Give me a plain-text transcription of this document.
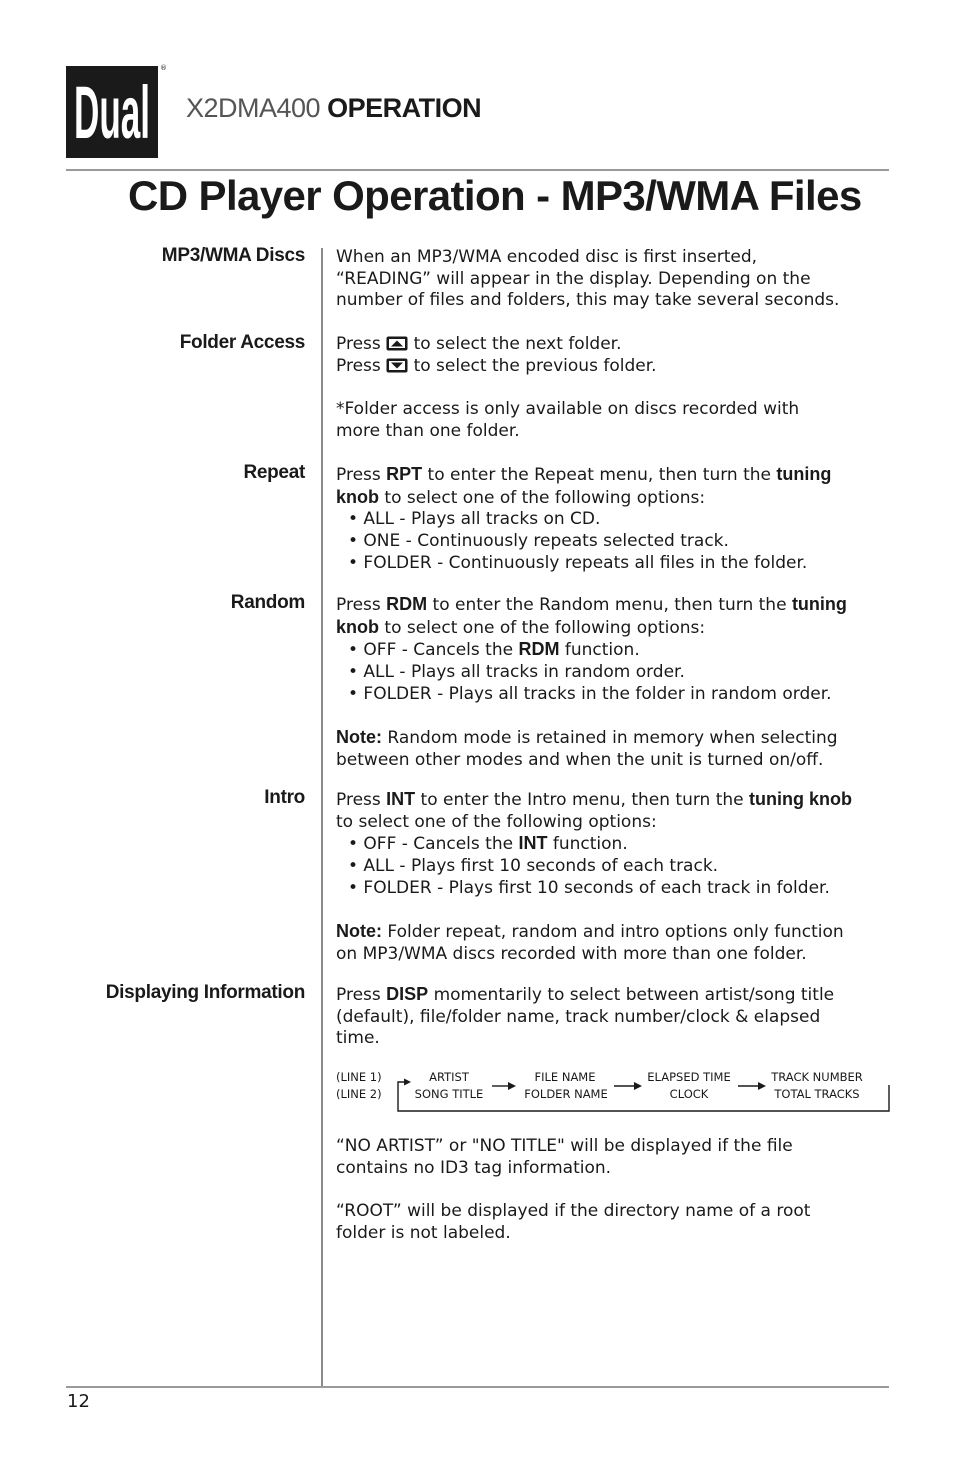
Dual
®
X2DMA400 OPERATION
CD Player Operation - MP3/WMA Files
MP3/WMA Discs When an MP3/WMA encoded disc is first inserted,

“READING” will appear in the display. Depending on the

number of files and folders, this may take several seconds.

Folder Access Press to select the next folder.

Press to select the previous folder.

*Folder access is only available on discs recorded with

more than one folder.

Repeat Press RPT to enter the Repeat menu, then turn the tuning

knob to select one of the following options:

• ALL - Plays all tracks on CD.

• ONE - Continuously repeats selected track.

• FOLDER - Continuously repeats all files in the folder.

Random Press RDM to enter the Random menu, then turn the tuning

knob to select one of the following options:

• OFF - Cancels the RDM function.

• ALL - Plays all tracks in random order.

• FOLDER - Plays all tracks in the folder in random order.

Note: Random mode is retained in memory when selecting

between other modes and when the unit is turned on/off.

Intro Press INT to enter the Intro menu, then turn the tuning knob

to select one of the following options:

• OFF - Cancels the INT function.

• ALL - Plays first 10 seconds of each track.

• FOLDER - Plays first 10 seconds of each track in folder.

Note: Folder repeat, random and intro options only function

on MP3/WMA discs recorded with more than one folder.

Displaying Information Press DISP momentarily to select between artist/song title

(default), file/folder name, track number/clock & elapsed

time.

(LINE 1)
(LINE 2)
ARTIST
SONG TITLE
FILE NAME
FOLDER NAME
ELAPSED TIME
CLOCK
TRACK NUMBER
TOTAL TRACKS

“NO ARTIST” or "NO TITLE" will be displayed if the file

contains no ID3 tag information.

“ROOT” will be displayed if the directory name of a root

folder is not labeled.

12
